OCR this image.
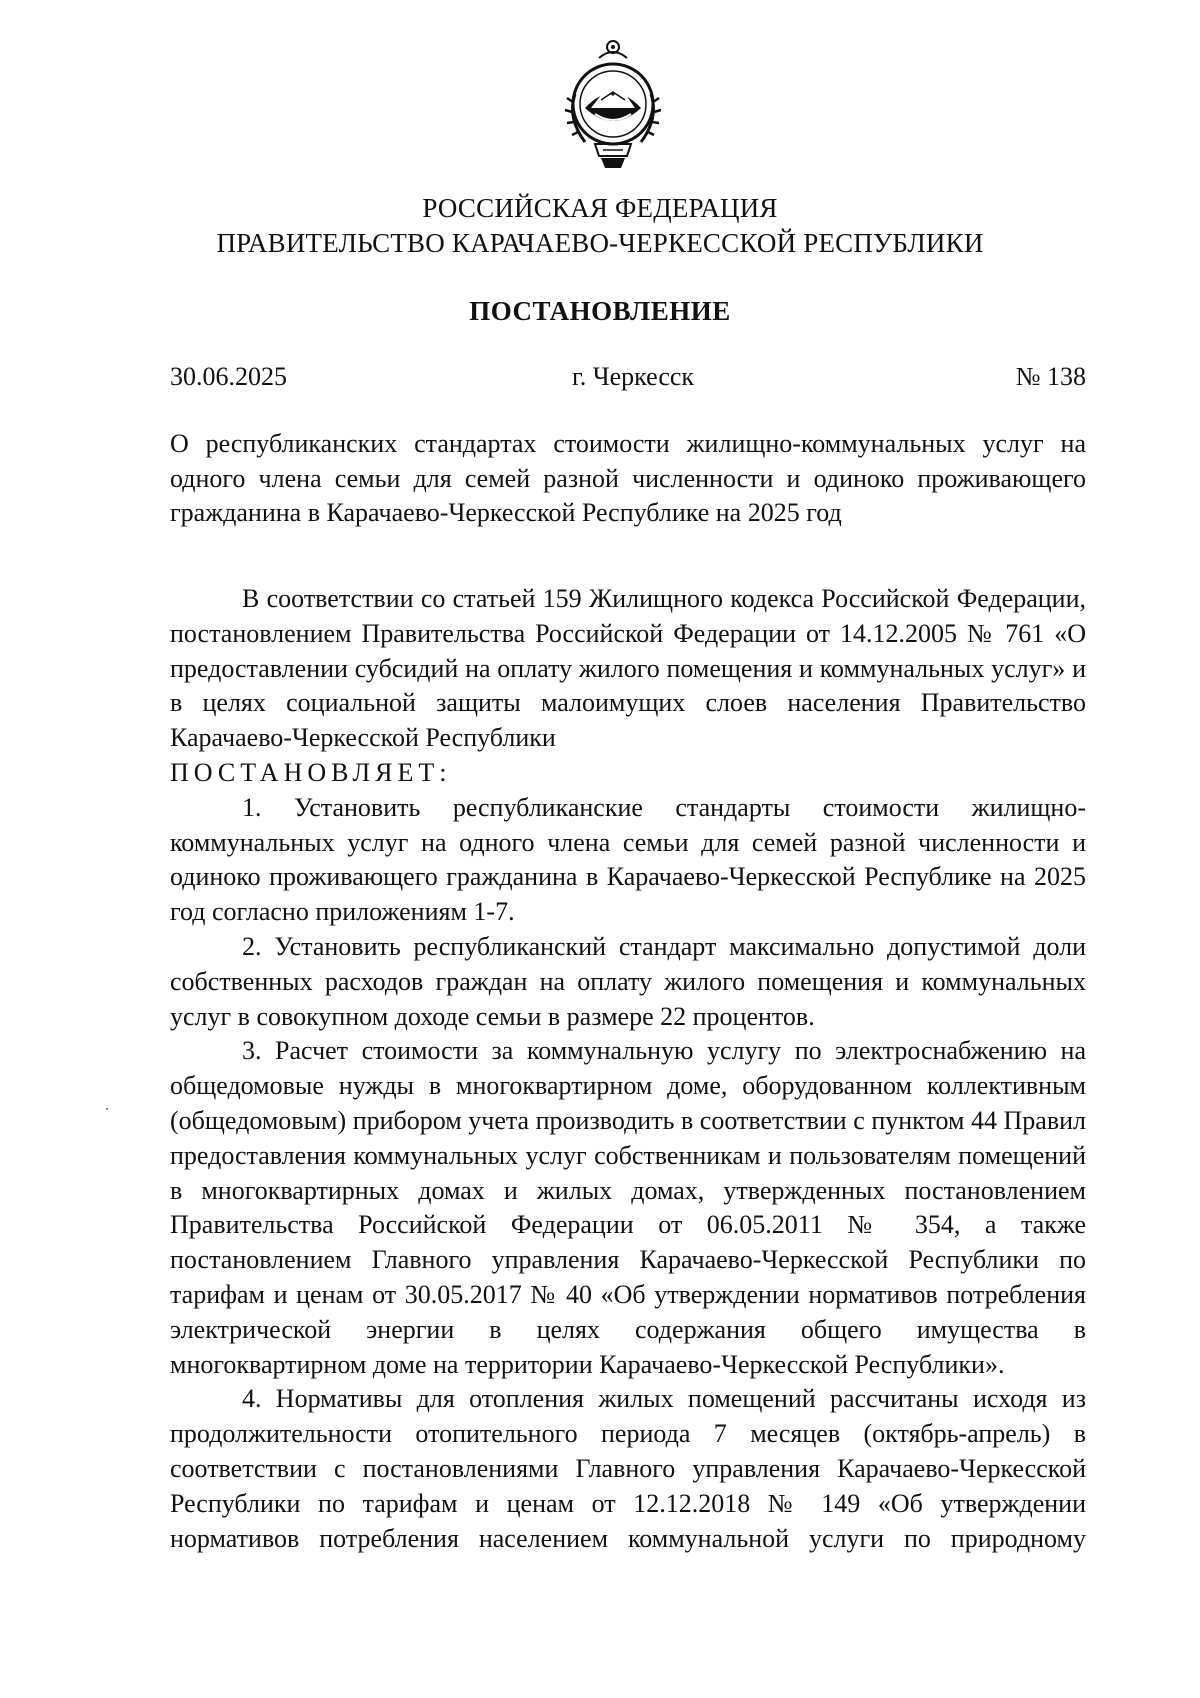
РОССИЙСКАЯ ФЕДЕРАЦИЯ
ПРАВИТЕЛЬСТВО КАРАЧАЕВО-ЧЕРКЕССКОЙ РЕСПУБЛИКИ
ПОСТАНОВЛЕНИЕ
30.06.2025	г. Черкесск	№ 138

О республиканских стандартах стоимости жилищно-коммунальных услуг на одного члена семьи для семей разной численности и одиноко проживающего гражданина в Карачаево-Черкесской Республике на 2025 год

В соответствии со статьей 159 Жилищного кодекса Российской Федерации, постановлением Правительства Российской Федерации от 14.12.2005 № 761 «О предоставлении субсидий на оплату жилого помещения и коммунальных услуг» и в целях социальной защиты малоимущих слоев населения Правительство Карачаево-Черкесской Республики

ПОСТАНОВЛЯЕТ:

1. Установить республиканские стандарты стоимости жилищно-коммунальных услуг на одного члена семьи для семей разной численности и одиноко проживающего гражданина в Карачаево-Черкесской Республике на 2025 год согласно приложениям 1-7.

2. Установить республиканский стандарт максимально допустимой доли собственных расходов граждан на оплату жилого помещения и коммунальных услуг в совокупном доходе семьи в размере 22 процентов.

3. Расчет стоимости за коммунальную услугу по электроснабжению на общедомовые нужды в многоквартирном доме, оборудованном коллективным (общедомовым) прибором учета производить в соответствии с пунктом 44 Правил предоставления коммунальных услуг собственникам и пользователям помещений в многоквартирных домах и жилых домах, утвержденных постановлением Правительства Российской Федерации от 06.05.2011 № 354, а также постановлением Главного управления Карачаево-Черкесской Республики по тарифам и ценам от 30.05.2017 № 40 «Об утверждении нормативов потребления электрической энергии в целях содержания общего имущества в многоквартирном доме на территории Карачаево-Черкесской Республики».

4. Нормативы для отопления жилых помещений рассчитаны исходя из продолжительности отопительного периода 7 месяцев (октябрь-апрель) в соответствии с постановлениями Главного управления Карачаево-Черкесской Республики по тарифам и ценам от 12.12.2018 № 149 «Об утверждении нормативов потребления населением коммунальной услуги по природному
